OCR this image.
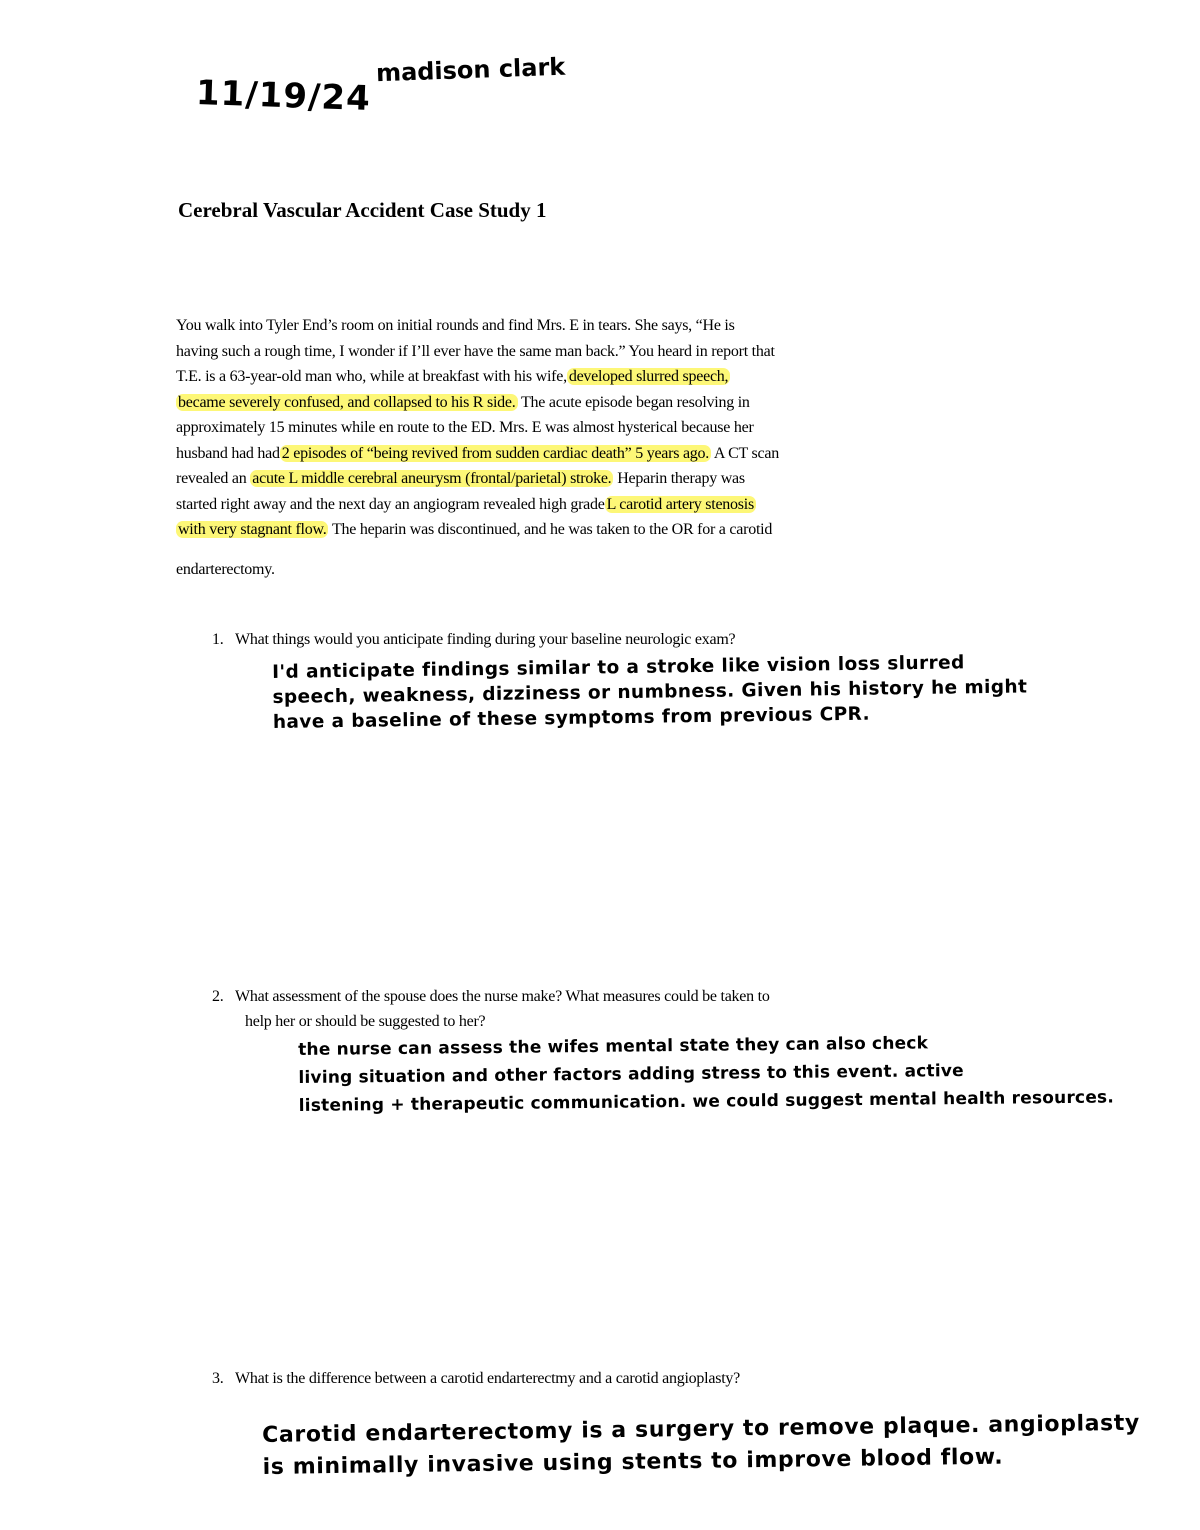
11/19/24
madison clark
Cerebral Vascular Accident Case Study 1
You walk into Tyler End’s room on initial rounds and find Mrs. E in tears. She says, “He is
having such a rough time, I wonder if I’ll ever have the same man back.” You heard in report that
T.E. is a 63-year-old man who, while at breakfast with his wife, developed slurred speech,
became severely confused, and collapsed to his R side. The acute episode began resolving in
approximately 15 minutes while en route to the ED. Mrs. E was almost hysterical because her
husband had had 2 episodes of “being revived from sudden cardiac death” 5 years ago. A CT scan
revealed an acute L middle cerebral aneurysm (frontal/parietal) stroke. Heparin therapy was
started right away and the next day an angiogram revealed high grade L carotid artery stenosis
with very stagnant flow. The heparin was discontinued, and he was taken to the OR for a carotid
endarterectomy.
1. What things would you anticipate finding during your baseline neurologic exam?
I'd anticipate findings similar to a stroke like vision loss slurred
speech, weakness, dizziness or numbness. Given his history he might
have a baseline of these symptoms from previous CPR.
2. What assessment of the spouse does the nurse make? What measures could be taken to
help her or should be suggested to her?
the nurse can assess the wifes mental state they can also check
living situation and other factors adding stress to this event. active
listening + therapeutic communication. we could suggest mental health resources.
3. What is the difference between a carotid endarterectmy and a carotid angioplasty?
Carotid endarterectomy is a surgery to remove plaque. angioplasty
is minimally invasive using stents to improve blood flow.
